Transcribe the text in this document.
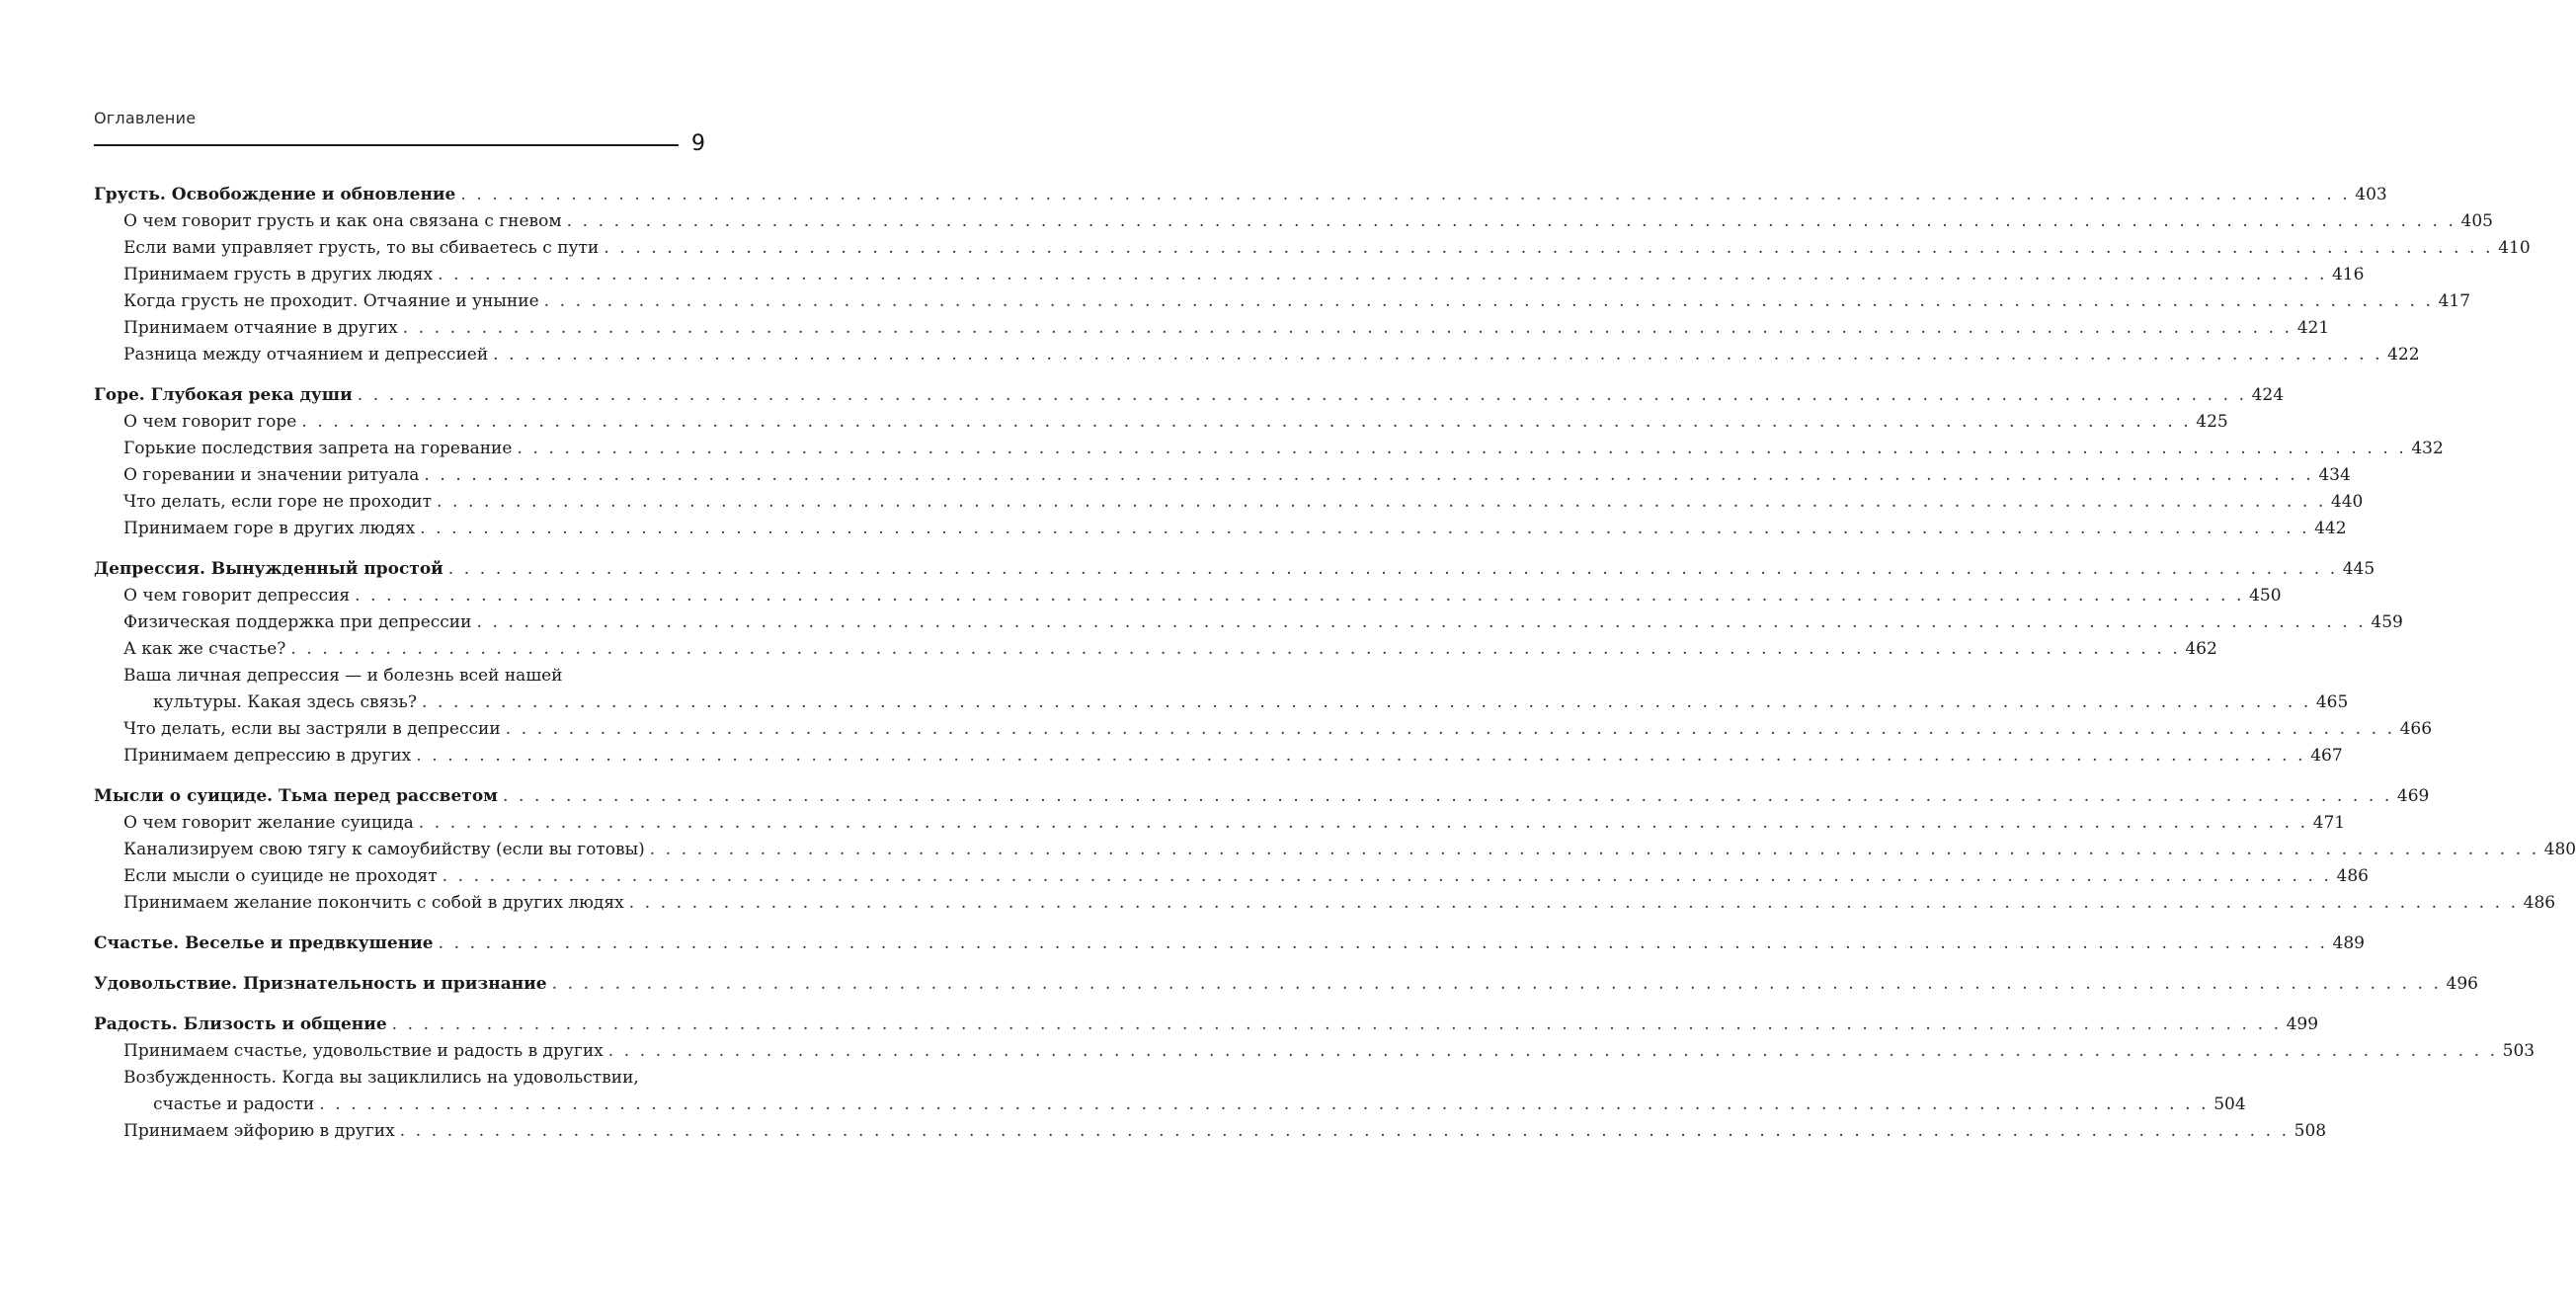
Оглавление
9
Грусть. Освобождение и обновление . . . . . . . . . . . . . . . . . . . . . . . . . . . . . . . . . . . . . . . . . . . . . . . . . . . . . . . . . . . . . . . . . . . . . . . . . . . . . . . . . . . . . . . . . . . . . . . . . . . . . . . . . . . . . . . . . . . . . . . . 403
О чем говорит грусть и как она связана с гневом . . . . . . . . . . . . . . . . . . . . . . . . . . . . . . . . . . . . . . . . . . . . . . . . . . . . . . . . . . . . . . . . . . . . . . . . . . . . . . . . . . . . . . . . . . . . . . . . . . . . . . . . . . . . . . . . . . . . . . . . 405
Если вами управляет грусть, то вы сбиваетесь с пути . . . . . . . . . . . . . . . . . . . . . . . . . . . . . . . . . . . . . . . . . . . . . . . . . . . . . . . . . . . . . . . . . . . . . . . . . . . . . . . . . . . . . . . . . . . . . . . . . . . . . . . . . . . . . . . . . . . . . . . . 410
Принимаем грусть в других людях . . . . . . . . . . . . . . . . . . . . . . . . . . . . . . . . . . . . . . . . . . . . . . . . . . . . . . . . . . . . . . . . . . . . . . . . . . . . . . . . . . . . . . . . . . . . . . . . . . . . . . . . . . . . . . . . . . . . . . . . 416
Когда грусть не проходит. Отчаяние и уныние . . . . . . . . . . . . . . . . . . . . . . . . . . . . . . . . . . . . . . . . . . . . . . . . . . . . . . . . . . . . . . . . . . . . . . . . . . . . . . . . . . . . . . . . . . . . . . . . . . . . . . . . . . . . . . . . . . . . . . . . 417
Принимаем отчаяние в других . . . . . . . . . . . . . . . . . . . . . . . . . . . . . . . . . . . . . . . . . . . . . . . . . . . . . . . . . . . . . . . . . . . . . . . . . . . . . . . . . . . . . . . . . . . . . . . . . . . . . . . . . . . . . . . . . . . . . . . . 421
Разница между отчаянием и депрессией . . . . . . . . . . . . . . . . . . . . . . . . . . . . . . . . . . . . . . . . . . . . . . . . . . . . . . . . . . . . . . . . . . . . . . . . . . . . . . . . . . . . . . . . . . . . . . . . . . . . . . . . . . . . . . . . . . . . . . . . 422
Горе. Глубокая река души . . . . . . . . . . . . . . . . . . . . . . . . . . . . . . . . . . . . . . . . . . . . . . . . . . . . . . . . . . . . . . . . . . . . . . . . . . . . . . . . . . . . . . . . . . . . . . . . . . . . . . . . . . . . . . . . . . . . . . . . 424
О чем говорит горе . . . . . . . . . . . . . . . . . . . . . . . . . . . . . . . . . . . . . . . . . . . . . . . . . . . . . . . . . . . . . . . . . . . . . . . . . . . . . . . . . . . . . . . . . . . . . . . . . . . . . . . . . . . . . . . . . . . . . . . . 425
Горькие последствия запрета на горевание . . . . . . . . . . . . . . . . . . . . . . . . . . . . . . . . . . . . . . . . . . . . . . . . . . . . . . . . . . . . . . . . . . . . . . . . . . . . . . . . . . . . . . . . . . . . . . . . . . . . . . . . . . . . . . . . . . . . . . . . 432
О горевании и значении ритуала . . . . . . . . . . . . . . . . . . . . . . . . . . . . . . . . . . . . . . . . . . . . . . . . . . . . . . . . . . . . . . . . . . . . . . . . . . . . . . . . . . . . . . . . . . . . . . . . . . . . . . . . . . . . . . . . . . . . . . . . 434
Что делать, если горе не проходит . . . . . . . . . . . . . . . . . . . . . . . . . . . . . . . . . . . . . . . . . . . . . . . . . . . . . . . . . . . . . . . . . . . . . . . . . . . . . . . . . . . . . . . . . . . . . . . . . . . . . . . . . . . . . . . . . . . . . . . . 440
Принимаем горе в других людях . . . . . . . . . . . . . . . . . . . . . . . . . . . . . . . . . . . . . . . . . . . . . . . . . . . . . . . . . . . . . . . . . . . . . . . . . . . . . . . . . . . . . . . . . . . . . . . . . . . . . . . . . . . . . . . . . . . . . . . . 442
Депрессия. Вынужденный простой . . . . . . . . . . . . . . . . . . . . . . . . . . . . . . . . . . . . . . . . . . . . . . . . . . . . . . . . . . . . . . . . . . . . . . . . . . . . . . . . . . . . . . . . . . . . . . . . . . . . . . . . . . . . . . . . . . . . . . . . 445
О чем говорит депрессия . . . . . . . . . . . . . . . . . . . . . . . . . . . . . . . . . . . . . . . . . . . . . . . . . . . . . . . . . . . . . . . . . . . . . . . . . . . . . . . . . . . . . . . . . . . . . . . . . . . . . . . . . . . . . . . . . . . . . . . . 450
Физическая поддержка при депрессии . . . . . . . . . . . . . . . . . . . . . . . . . . . . . . . . . . . . . . . . . . . . . . . . . . . . . . . . . . . . . . . . . . . . . . . . . . . . . . . . . . . . . . . . . . . . . . . . . . . . . . . . . . . . . . . . . . . . . . . . 459
А как же счастье? . . . . . . . . . . . . . . . . . . . . . . . . . . . . . . . . . . . . . . . . . . . . . . . . . . . . . . . . . . . . . . . . . . . . . . . . . . . . . . . . . . . . . . . . . . . . . . . . . . . . . . . . . . . . . . . . . . . . . . . . 462
Ваша личная депрессия — и болезнь всей нашей
культуры. Какая здесь связь? . . . . . . . . . . . . . . . . . . . . . . . . . . . . . . . . . . . . . . . . . . . . . . . . . . . . . . . . . . . . . . . . . . . . . . . . . . . . . . . . . . . . . . . . . . . . . . . . . . . . . . . . . . . . . . . . . . . . . . . . 465
Что делать, если вы застряли в депрессии . . . . . . . . . . . . . . . . . . . . . . . . . . . . . . . . . . . . . . . . . . . . . . . . . . . . . . . . . . . . . . . . . . . . . . . . . . . . . . . . . . . . . . . . . . . . . . . . . . . . . . . . . . . . . . . . . . . . . . . . 466
Принимаем депрессию в других . . . . . . . . . . . . . . . . . . . . . . . . . . . . . . . . . . . . . . . . . . . . . . . . . . . . . . . . . . . . . . . . . . . . . . . . . . . . . . . . . . . . . . . . . . . . . . . . . . . . . . . . . . . . . . . . . . . . . . . . 467
Мысли о суициде. Тьма перед рассветом . . . . . . . . . . . . . . . . . . . . . . . . . . . . . . . . . . . . . . . . . . . . . . . . . . . . . . . . . . . . . . . . . . . . . . . . . . . . . . . . . . . . . . . . . . . . . . . . . . . . . . . . . . . . . . . . . . . . . . . . 469
О чем говорит желание суицида . . . . . . . . . . . . . . . . . . . . . . . . . . . . . . . . . . . . . . . . . . . . . . . . . . . . . . . . . . . . . . . . . . . . . . . . . . . . . . . . . . . . . . . . . . . . . . . . . . . . . . . . . . . . . . . . . . . . . . . . 471
Канализируем свою тягу к самоубийству (если вы готовы) . . . . . . . . . . . . . . . . . . . . . . . . . . . . . . . . . . . . . . . . . . . . . . . . . . . . . . . . . . . . . . . . . . . . . . . . . . . . . . . . . . . . . . . . . . . . . . . . . . . . . . . . . . . . . . . . . . . . . . . . 480
Если мысли о суициде не проходят . . . . . . . . . . . . . . . . . . . . . . . . . . . . . . . . . . . . . . . . . . . . . . . . . . . . . . . . . . . . . . . . . . . . . . . . . . . . . . . . . . . . . . . . . . . . . . . . . . . . . . . . . . . . . . . . . . . . . . . . 486
Принимаем желание покончить с собой в других людях . . . . . . . . . . . . . . . . . . . . . . . . . . . . . . . . . . . . . . . . . . . . . . . . . . . . . . . . . . . . . . . . . . . . . . . . . . . . . . . . . . . . . . . . . . . . . . . . . . . . . . . . . . . . . . . . . . . . . . . . 486
Счастье. Веселье и предвкушение . . . . . . . . . . . . . . . . . . . . . . . . . . . . . . . . . . . . . . . . . . . . . . . . . . . . . . . . . . . . . . . . . . . . . . . . . . . . . . . . . . . . . . . . . . . . . . . . . . . . . . . . . . . . . . . . . . . . . . . . 489
Удовольствие. Признательность и признание . . . . . . . . . . . . . . . . . . . . . . . . . . . . . . . . . . . . . . . . . . . . . . . . . . . . . . . . . . . . . . . . . . . . . . . . . . . . . . . . . . . . . . . . . . . . . . . . . . . . . . . . . . . . . . . . . . . . . . . . 496
Радость. Близость и общение . . . . . . . . . . . . . . . . . . . . . . . . . . . . . . . . . . . . . . . . . . . . . . . . . . . . . . . . . . . . . . . . . . . . . . . . . . . . . . . . . . . . . . . . . . . . . . . . . . . . . . . . . . . . . . . . . . . . . . . . 499
Принимаем счастье, удовольствие и радость в других . . . . . . . . . . . . . . . . . . . . . . . . . . . . . . . . . . . . . . . . . . . . . . . . . . . . . . . . . . . . . . . . . . . . . . . . . . . . . . . . . . . . . . . . . . . . . . . . . . . . . . . . . . . . . . . . . . . . . . . . 503
Возбужденность. Когда вы зациклились на удовольствии,
счастье и радости . . . . . . . . . . . . . . . . . . . . . . . . . . . . . . . . . . . . . . . . . . . . . . . . . . . . . . . . . . . . . . . . . . . . . . . . . . . . . . . . . . . . . . . . . . . . . . . . . . . . . . . . . . . . . . . . . . . . . . . . 504
Принимаем эйфорию в других . . . . . . . . . . . . . . . . . . . . . . . . . . . . . . . . . . . . . . . . . . . . . . . . . . . . . . . . . . . . . . . . . . . . . . . . . . . . . . . . . . . . . . . . . . . . . . . . . . . . . . . . . . . . . . . . . . . . . . . . 508
